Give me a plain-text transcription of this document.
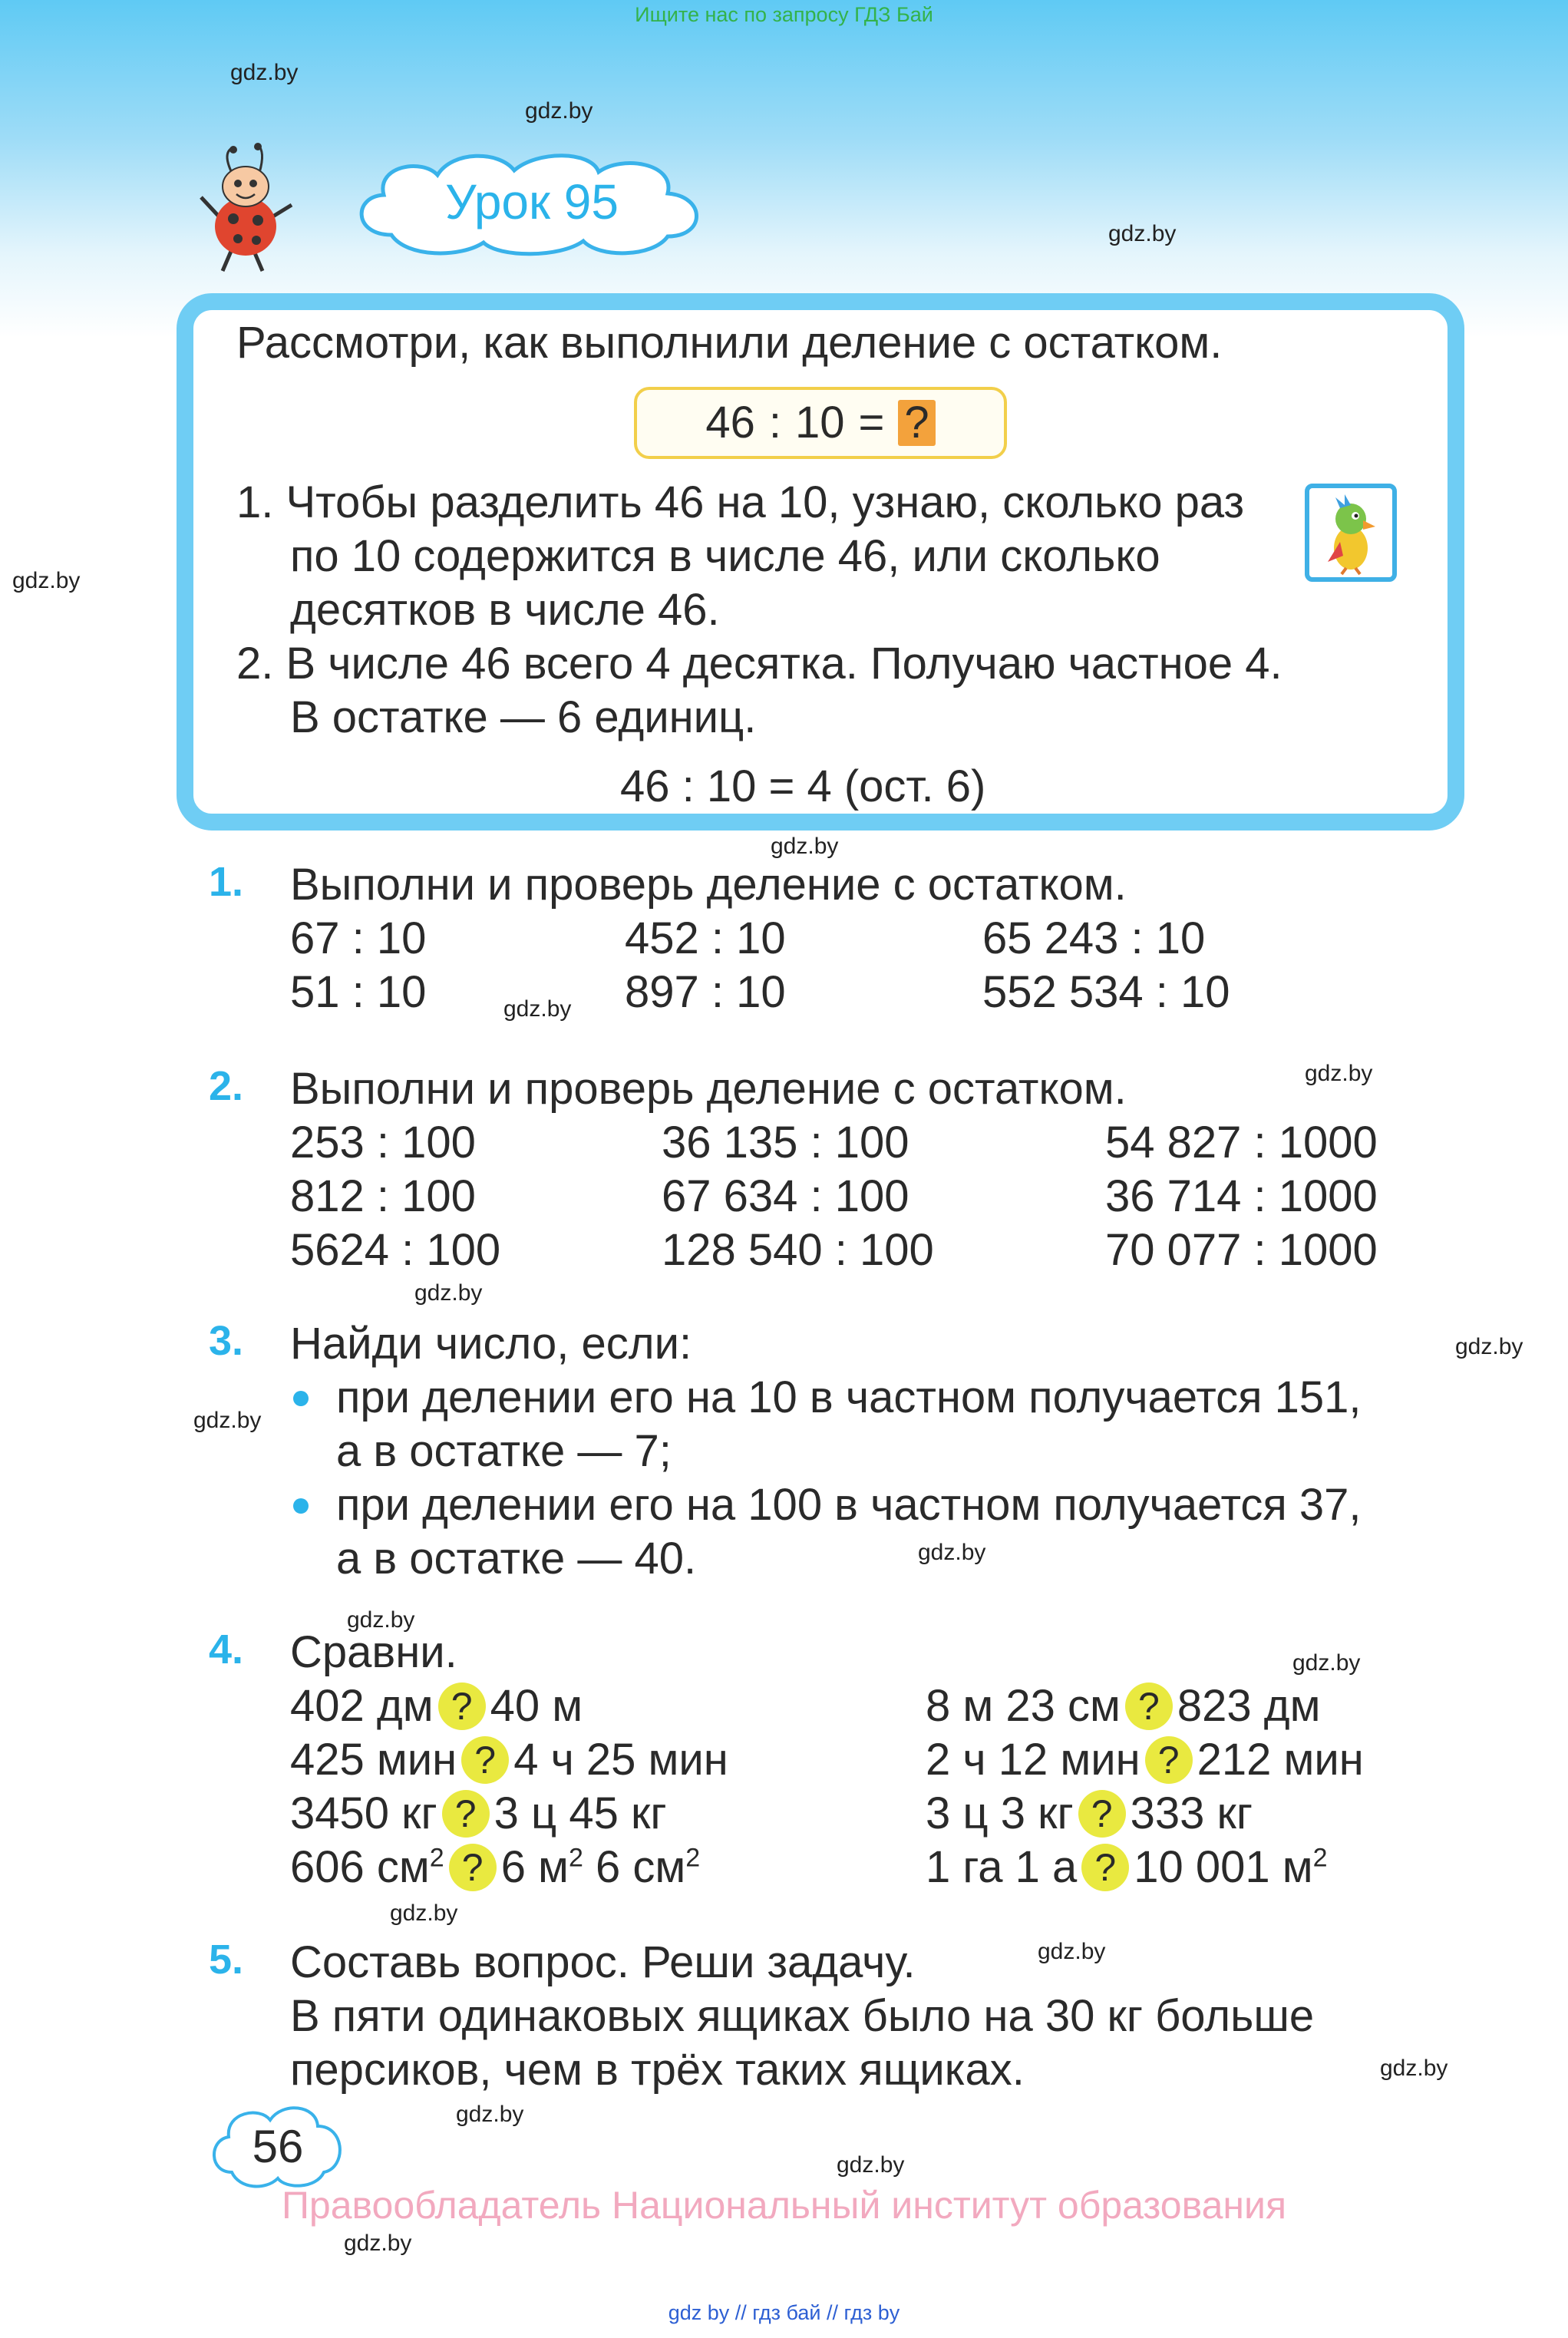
Ищите нас по запросу ГДЗ Бай
gdz.by
gdz.by
gdz.by
gdz.by
gdz.by
gdz.by
gdz.by
gdz.by
gdz.by
gdz.by
gdz.by
gdz.by
gdz.by
gdz.by
gdz.by
gdz.by
gdz.by
gdz.by
gdz.by
Урок 95
Рассмотри, как выполнили деление с остатком.
46 : 10 = ?
1. Чтобы разделить 46 на 10, узнаю, сколько раз
по 10 содержится в числе 46, или сколько
десятков в числе 46.
2. В числе 46 всего 4 десятка. Получаю частное 4.
В остатке — 6 единиц.
46 : 10 = 4 (ост. 6)
1. Выполни и проверь деление с остатком.
67 : 10
51 : 10
452 : 10
897 : 10
65 243 : 10
552 534 : 10
2. Выполни и проверь деление с остатком.
253 : 100
812 : 100
5624 : 100
36 135 : 100
67 634 : 100
128 540 : 100
54 827 : 1000
36 714 : 1000
70 077 : 1000
3. Найди число, если:
при делении его на 10 в частном получается 151,
а в остатке — 7;
при делении его на 100 в частном получается 37,
а в остатке — 40.
4. Сравни.
402 дм ? 40 м
425 мин ? 4 ч 25 мин
3450 кг ? 3 ц 45 кг
606 $см^2$ ? 6 $м^2$ 6 $см^2$
8 м 23 см ? 823 дм
2 ч 12 мин ? 212 мин
3 ц 3 кг ? 333 кг
1 га 1 а ? 10 001 $м^2$
5. Составь вопрос. Реши задачу.
В пяти одинаковых ящиках было на 30 кг больше
персиков, чем в трёх таких ящиках.
56
Правообладатель Национальный институт образования
gdz by // гдз бай // гдз by
